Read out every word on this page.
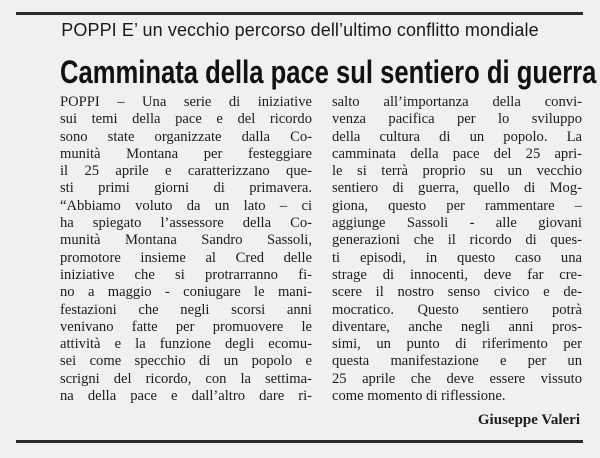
POPPI E’ un vecchio percorso dell’ultimo conflitto mondiale
Camminata della pace sul sentiero di guerra
POPPI – Una serie di iniziative
sui temi della pace e del ricordo
sono state organizzate dalla Co-
munità Montana per festeggiare
il 25 aprile e caratterizzano que-
sti primi giorni di primavera.
“Abbiamo voluto da un lato – ci
ha spiegato l’assessore della Co-
munità Montana Sandro Sassoli,
promotore insieme al Cred delle
iniziative che si protrarranno fi-
no a maggio - coniugare le mani-
festazioni che negli scorsi anni
venivano fatte per promuovere le
attività e la funzione degli ecomu-
sei come specchio di un popolo e
scrigni del ricordo, con la settima-
na della pace e dall’altro dare ri-
salto all’importanza della convi-
venza pacifica per lo sviluppo
della cultura di un popolo. La
camminata della pace del 25 apri-
le si terrà proprio su un vecchio
sentiero di guerra, quello di Mog-
giona, questo per rammentare –
aggiunge Sassoli - alle giovani
generazioni che il ricordo di ques-
ti episodi, in questo caso una
strage di innocenti, deve far cre-
scere il nostro senso civico e de-
mocratico. Questo sentiero potrà
diventare, anche negli anni pros-
simi, un punto di riferimento per
questa manifestazione e per un
25 aprile che deve essere vissuto
come momento di riflessione.
Giuseppe Valeri
